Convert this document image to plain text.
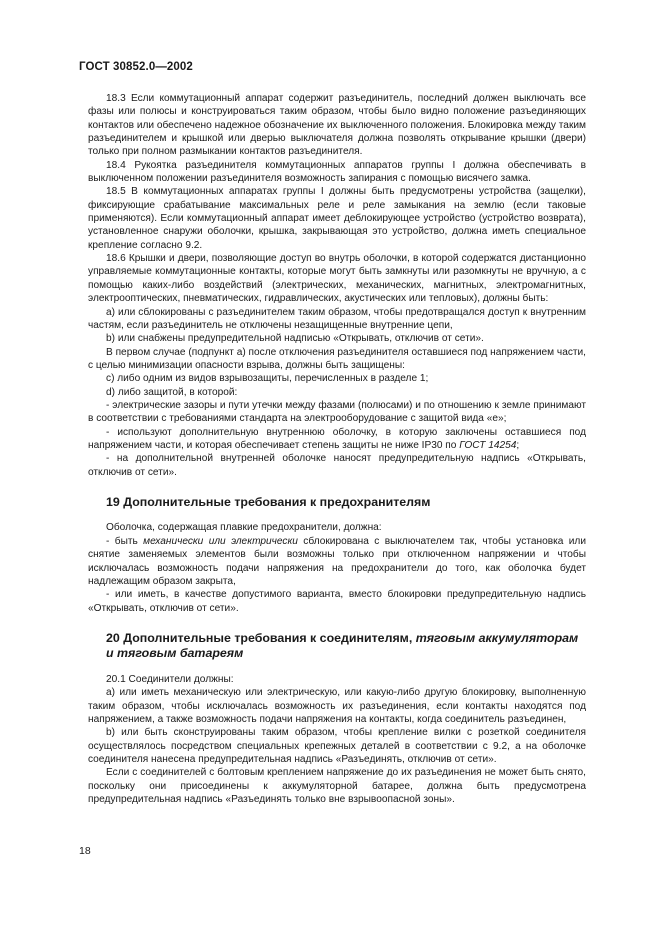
ГОСТ 30852.0—2002

18.3 Если коммутационный аппарат содержит разъединитель, последний должен выключать все фазы или полюсы и конструироваться таким образом, чтобы было видно положение разъединяющих контактов или обеспечено надежное обозначение их выключенного положения. Блокировка между таким разъединителем и крышкой или дверью выключателя должна позволять открывание крышки (двери) только при полном размыкании контактов разъединителя.

18.4 Рукоятка разъединителя коммутационных аппаратов группы I должна обеспечивать в выключенном положении разъединителя возможность запирания с помощью висячего замка.

18.5 В коммутационных аппаратах группы I должны быть предусмотрены устройства (защелки), фиксирующие срабатывание максимальных реле и реле замыкания на землю (если таковые применяются). Если коммутационный аппарат имеет деблокирующее устройство (устройство возврата), установленное снаружи оболочки, крышка, закрывающая это устройство, должна иметь специальное крепление согласно 9.2.

18.6 Крышки и двери, позволяющие доступ во внутрь оболочки, в которой содержатся дистанционно управляемые коммутационные контакты, которые могут быть замкнуты или разомкнуты не вручную, а с помощью каких-либо воздействий (электрических, механических, магнитных, электромагнитных, электрооптических, пневматических, гидравлических, акустических или тепловых), должны быть:

a) или сблокированы с разъединителем таким образом, чтобы предотвращался доступ к внутренним частям, если разъединитель не отключены незащищенные внутренние цепи,

b) или снабжены предупредительной надписью «Открывать, отключив от сети».

В первом случае (подпункт а) после отключения разъединителя оставшиеся под напряжением части, с целью минимизации опасности взрыва, должны быть защищены:

c) либо одним из видов взрывозащиты, перечисленных в разделе 1;

d) либо защитой, в которой:

- электрические зазоры и пути утечки между фазами (полюсами) и по отношению к земле принимают в соответствии с требованиями стандарта на электрооборудование с защитой вида «е»;

- используют дополнительную внутреннюю оболочку, в которую заключены оставшиеся под напряжением части, и которая обеспечивает степень защиты не ниже IP30 по ГОСТ 14254;

- на дополнительной внутренней оболочке наносят предупредительную надпись «Открывать, отключив от сети».

19 Дополнительные требования к предохранителям

Оболочка, содержащая плавкие предохранители, должна:

- быть механически или электрически сблокирована с выключателем так, чтобы установка или снятие заменяемых элементов были возможны только при отключенном напряжении и чтобы исключалась возможность подачи напряжения на предохранители до того, как оболочка будет надлежащим образом закрыта,

- или иметь, в качестве допустимого варианта, вместо блокировки предупредительную надпись «Открывать, отключив от сети».

20 Дополнительные требования к соединителям, тяговым аккумуляторам и тяговым батареям

20.1 Соединители должны:

a) или иметь механическую или электрическую, или какую-либо другую блокировку, выполненную таким образом, чтобы исключалась возможность их разъединения, если контакты находятся под напряжением, а также возможность подачи напряжения на контакты, когда соединитель разъединен,

b) или быть сконструированы таким образом, чтобы крепление вилки с розеткой соединителя осуществлялось посредством специальных крепежных деталей в соответствии с 9.2, а на оболочке соединителя нанесена предупредительная надпись «Разъединять, отключив от сети».

Если с соединителей с болтовым креплением напряжение до их разъединения не может быть снято, поскольку они присоединены к аккумуляторной батарее, должна быть предусмотрена предупредительная надпись «Разъединять только вне взрывоопасной зоны».

18
